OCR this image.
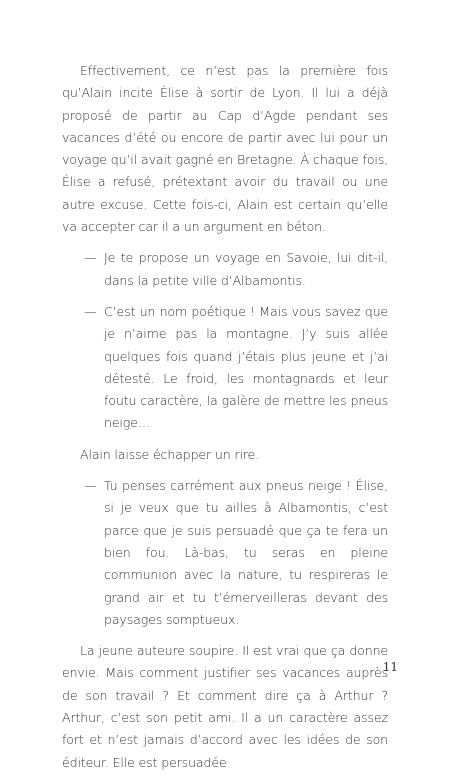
Effectivement, ce n’est pas la première fois qu’Alain incite Élise à sortir de Lyon. Il lui a déjà proposé de partir au Cap d’Agde pendant ses vacances d’été ou encore de partir avec lui pour un voyage qu’il avait gagné en Bretagne. À chaque fois, Élise a refusé, prétextant avoir du travail ou une autre excuse. Cette fois-ci, Alain est certain qu’elle va accepter car il a un argument en béton.

— Je te propose un voyage en Savoie, lui dit-il, dans la petite ville d’Albamontis.

— C’est un nom poétique ! Mais vous savez que je n’aime pas la montagne. J’y suis allée quelques fois quand j’étais plus jeune et j’ai détesté. Le froid, les montagnards et leur foutu caractère, la galère de mettre les pneus neige…

Alain laisse échapper un rire.

— Tu penses carrément aux pneus neige ! Élise, si je veux que tu ailles à Albamontis, c’est parce que je suis persuadé que ça te fera un bien fou. Là-bas, tu seras en pleine communion avec la nature, tu respireras le grand air et tu t’émerveilleras devant des paysages somptueux.

La jeune auteure soupire. Il est vrai que ça donne envie. Mais comment justifier ses vacances auprès de son travail ? Et comment dire ça à Arthur ? Arthur, c’est son petit ami. Il a un caractère assez fort et n’est jamais d’accord avec les idées de son éditeur. Elle est persuadée

11
